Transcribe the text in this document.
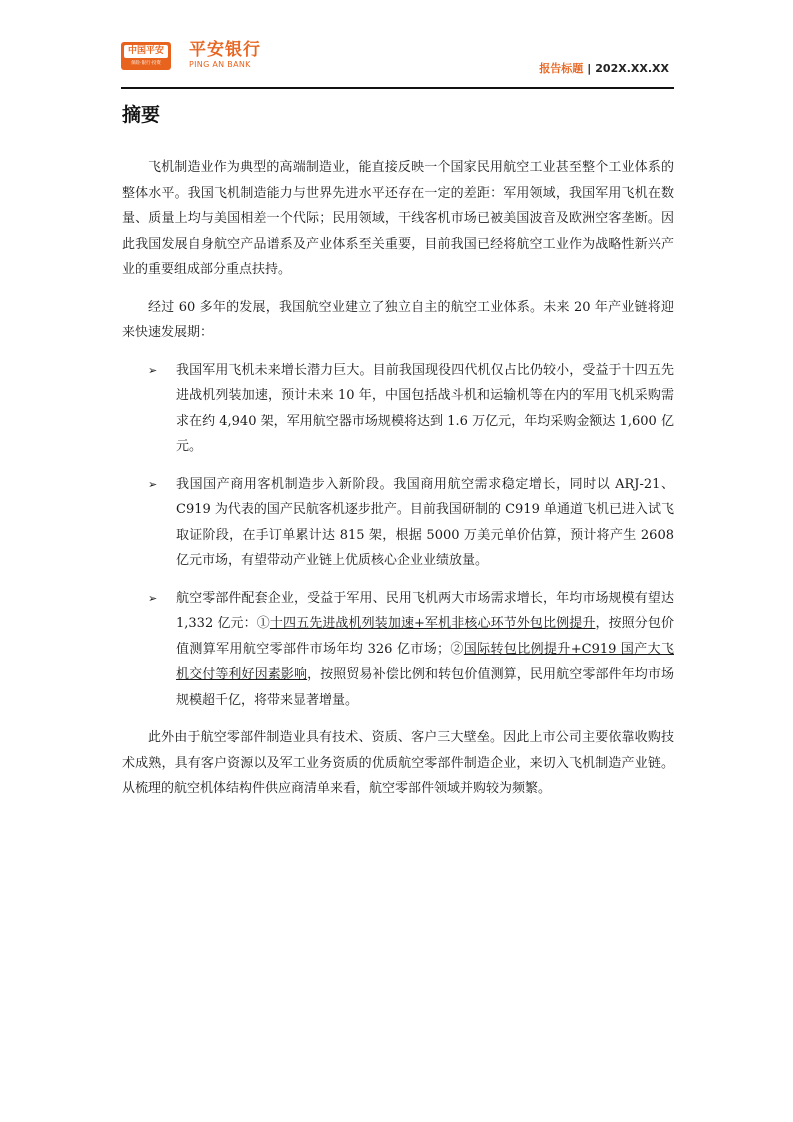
中国平安
保险·银行·投资
平安银行
PING AN BANK	报告标题 | 202X.XX.XX
摘要

飞机制造业作为典型的高端制造业，能直接反映一个国家民用航空工业甚至整个工业体系的整体水平。我国飞机制造能力与世界先进水平还存在一定的差距：军用领域，我国军用飞机在数量、质量上均与美国相差一个代际；民用领域，干线客机市场已被美国波音及欧洲空客垄断。因此我国发展自身航空产品谱系及产业体系至关重要，目前我国已经将航空工业作为战略性新兴产业的重要组成部分重点扶持。

经过 60 多年的发展，我国航空业建立了独立自主的航空工业体系。未来 20 年产业链将迎来快速发展期：

➢ 我国军用飞机未来增长潜力巨大。目前我国现役四代机仅占比仍较小，受益于十四五先进战机列装加速，预计未来 10 年，中国包括战斗机和运输机等在内的军用飞机采购需求在约 4,940 架，军用航空器市场规模将达到 1.6 万亿元，年均采购金额达 1,600 亿元。
➢ 我国国产商用客机制造步入新阶段。我国商用航空需求稳定增长，同时以 ARJ-21、C919 为代表的国产民航客机逐步批产。目前我国研制的 C919 单通道飞机已进入试飞取证阶段，在手订单累计达 815 架，根据 5000 万美元单价估算，预计将产生 2608 亿元市场，有望带动产业链上优质核心企业业绩放量。
➢ 航空零部件配套企业，受益于军用、民用飞机两大市场需求增长，年均市场规模有望达 1,332 亿元：①十四五先进战机列装加速+军机非核心环节外包比例提升，按照分包价值测算军用航空零部件市场年均 326 亿市场；②国际转包比例提升+C919 国产大飞机交付等利好因素影响，按照贸易补偿比例和转包价值测算，民用航空零部件年均市场规模超千亿，将带来显著增量。

此外由于航空零部件制造业具有技术、资质、客户三大壁垒。因此上市公司主要依靠收购技术成熟，具有客户资源以及军工业务资质的优质航空零部件制造企业，来切入飞机制造产业链。从梳理的航空机体结构件供应商清单来看，航空零部件领域并购较为频繁。
